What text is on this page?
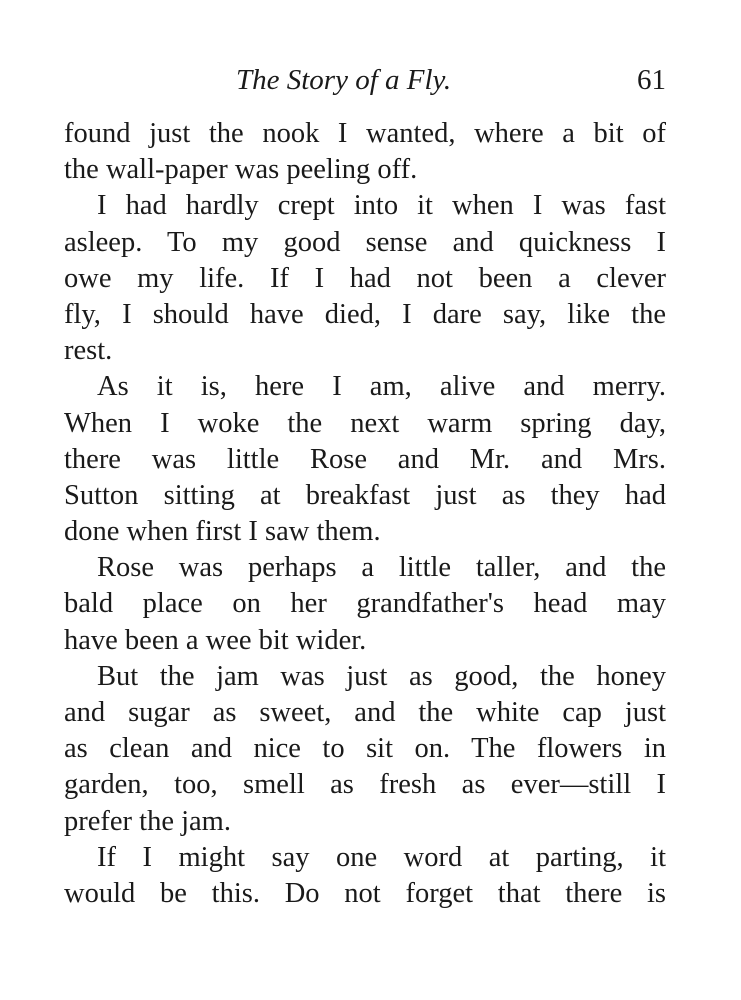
The Story of a Fly.	61
found just the nook I wanted, where a bit of
the wall-paper was peeling off.
I had hardly crept into it when I was fast
asleep. To my good sense and quickness I
owe my life. If I had not been a clever
fly, I should have died, I dare say, like the
rest.
As it is, here I am, alive and merry.
When I woke the next warm spring day,
there was little Rose and Mr. and Mrs.
Sutton sitting at breakfast just as they had
done when first I saw them.
Rose was perhaps a little taller, and the
bald place on her grandfather's head may
have been a wee bit wider.
But the jam was just as good, the honey
and sugar as sweet, and the white cap just
as clean and nice to sit on. The flowers in
garden, too, smell as fresh as ever—still I
prefer the jam.
If I might say one word at parting, it
would be this. Do not forget that there is
